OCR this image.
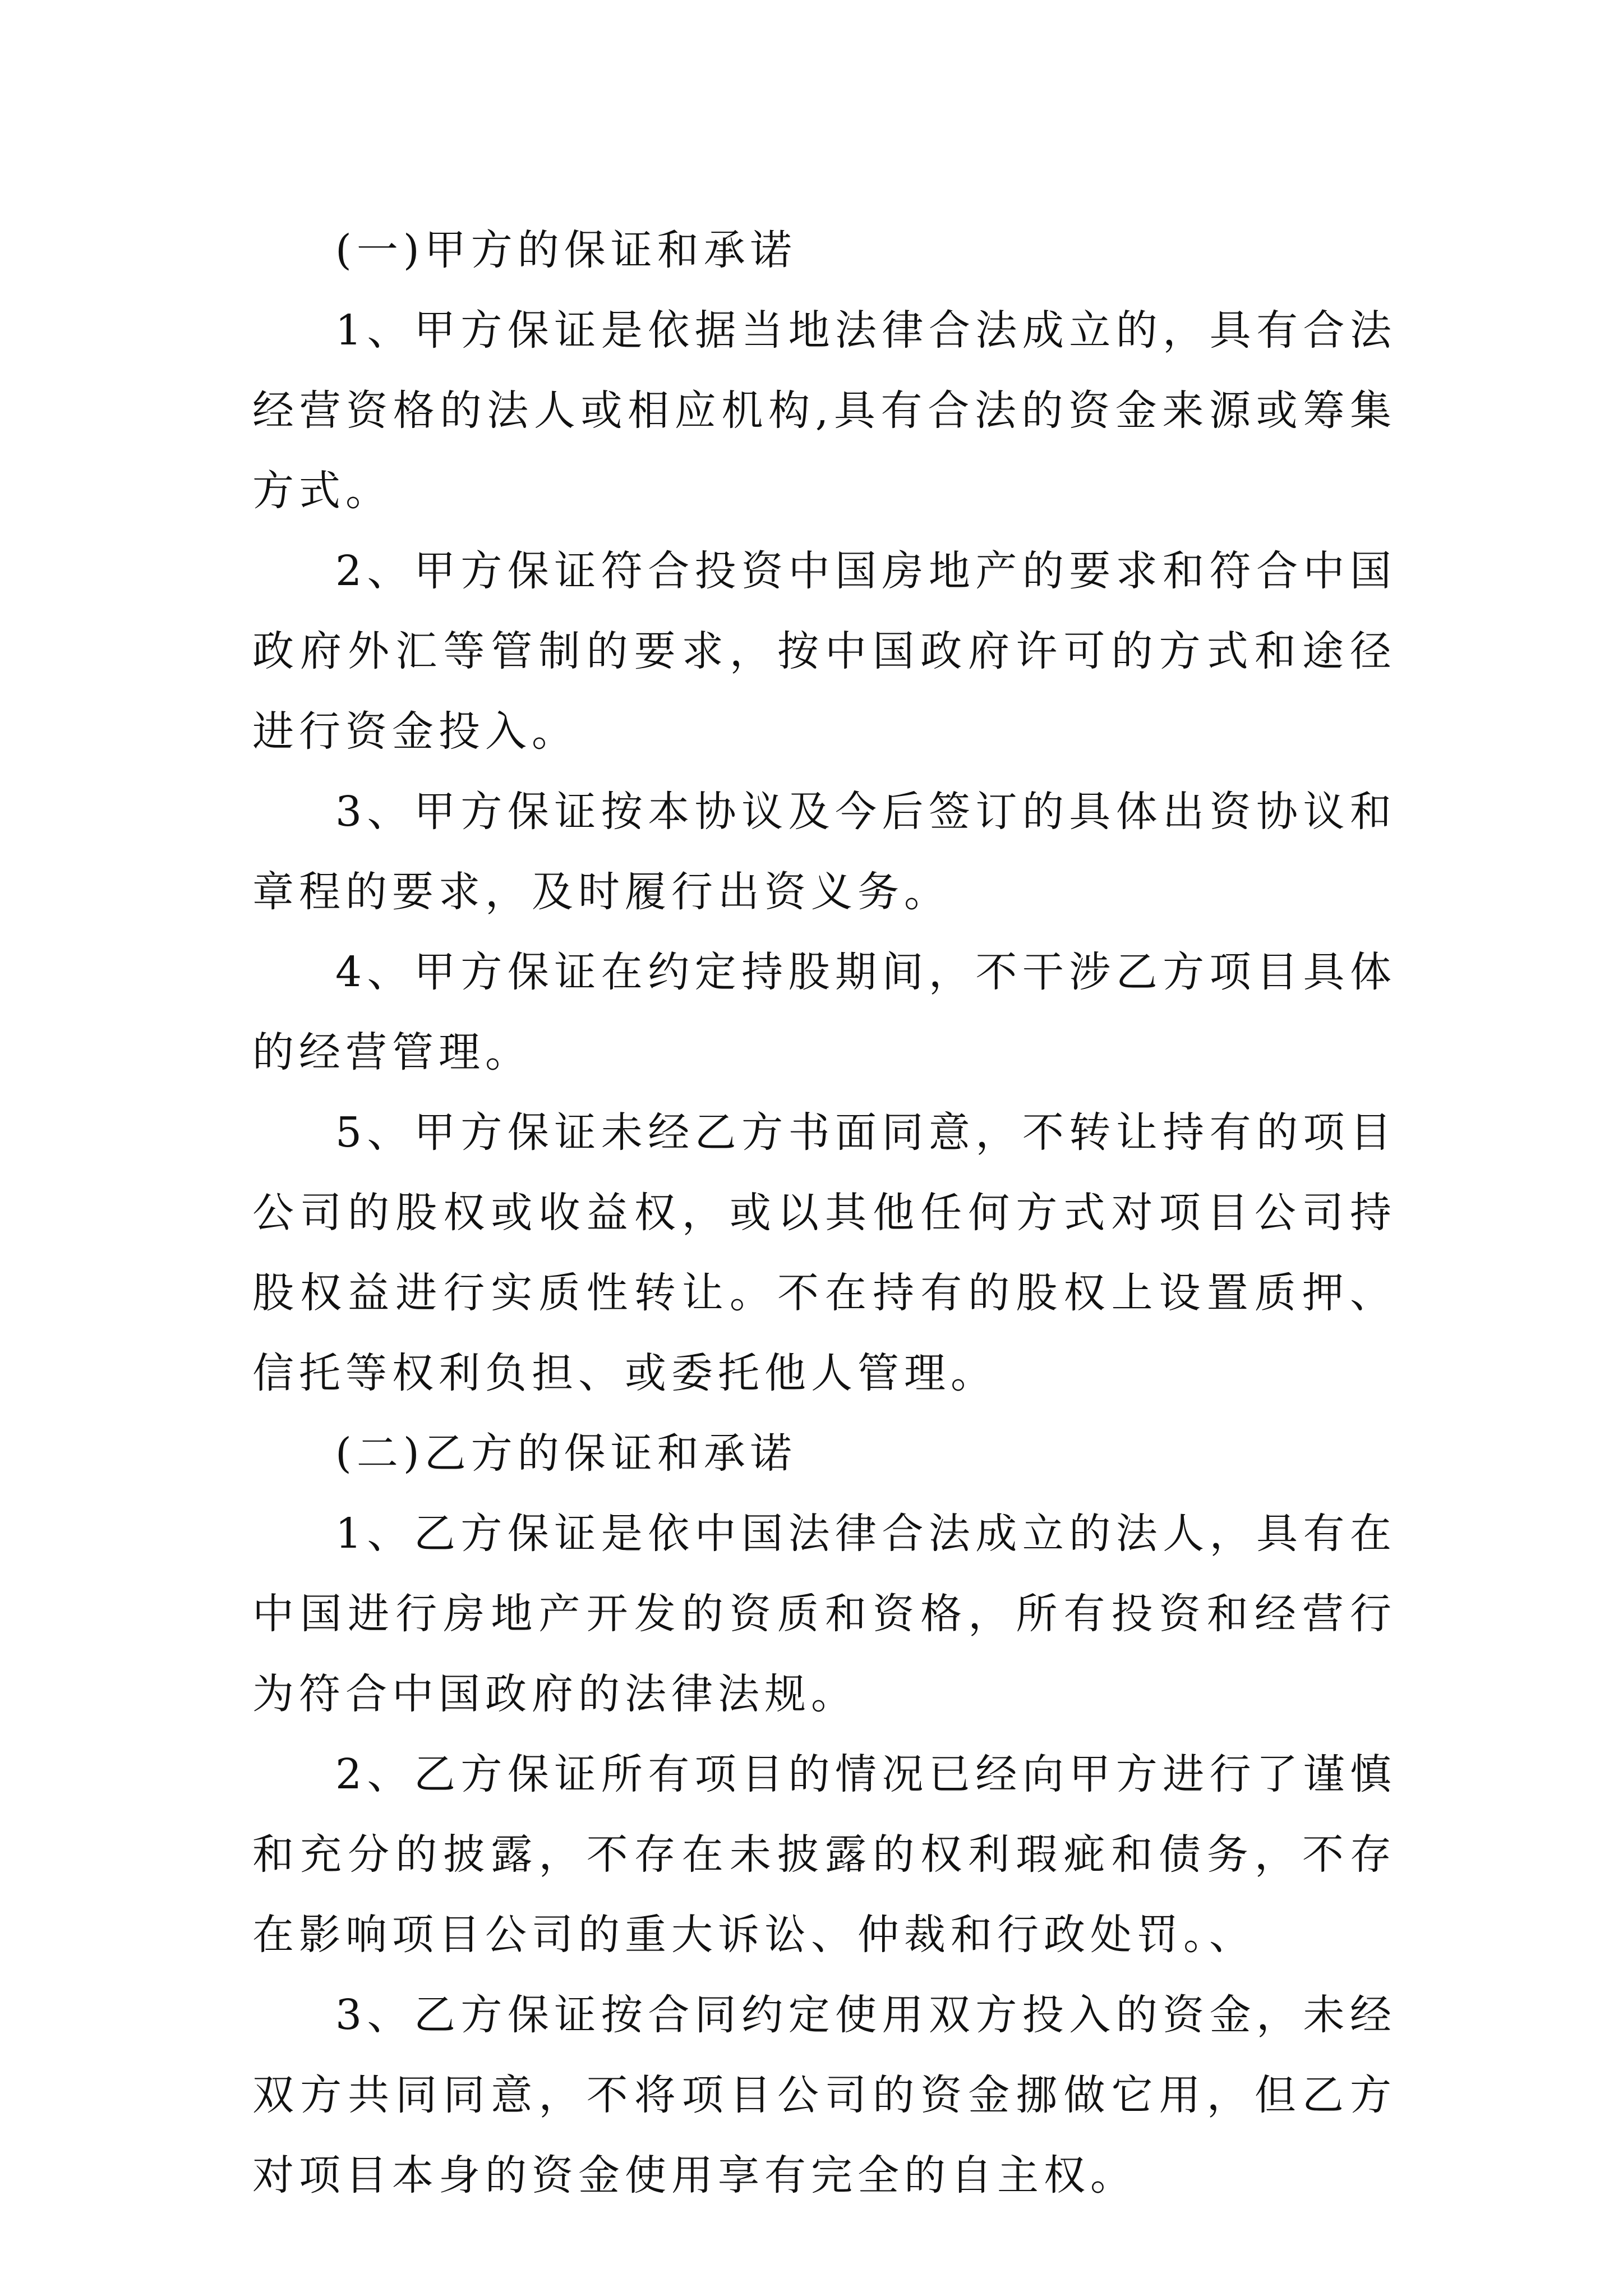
(一)甲方的保证和承诺

1、甲方保证是依据当地法律合法成立的，具有合法经营资格的法人或相应机构,具有合法的资金来源或筹集方式。

2、甲方保证符合投资中国房地产的要求和符合中国政府外汇等管制的要求，按中国政府许可的方式和途径进行资金投入。

3、甲方保证按本协议及今后签订的具体出资协议和章程的要求，及时履行出资义务。

4、甲方保证在约定持股期间，不干涉乙方项目具体的经营管理。

5、甲方保证未经乙方书面同意，不转让持有的项目公司的股权或收益权，或以其他任何方式对项目公司持股权益进行实质性转让。不在持有的股权上设置质押、信托等权利负担、或委托他人管理。

(二)乙方的保证和承诺

1、乙方保证是依中国法律合法成立的法人，具有在中国进行房地产开发的资质和资格，所有投资和经营行为符合中国政府的法律法规。

2、乙方保证所有项目的情况已经向甲方进行了谨慎和充分的披露，不存在未披露的权利瑕疵和债务，不存在影响项目公司的重大诉讼、仲裁和行政处罚。、

3、乙方保证按合同约定使用双方投入的资金，未经双方共同同意，不将项目公司的资金挪做它用，但乙方对项目本身的资金使用享有完全的自主权。
